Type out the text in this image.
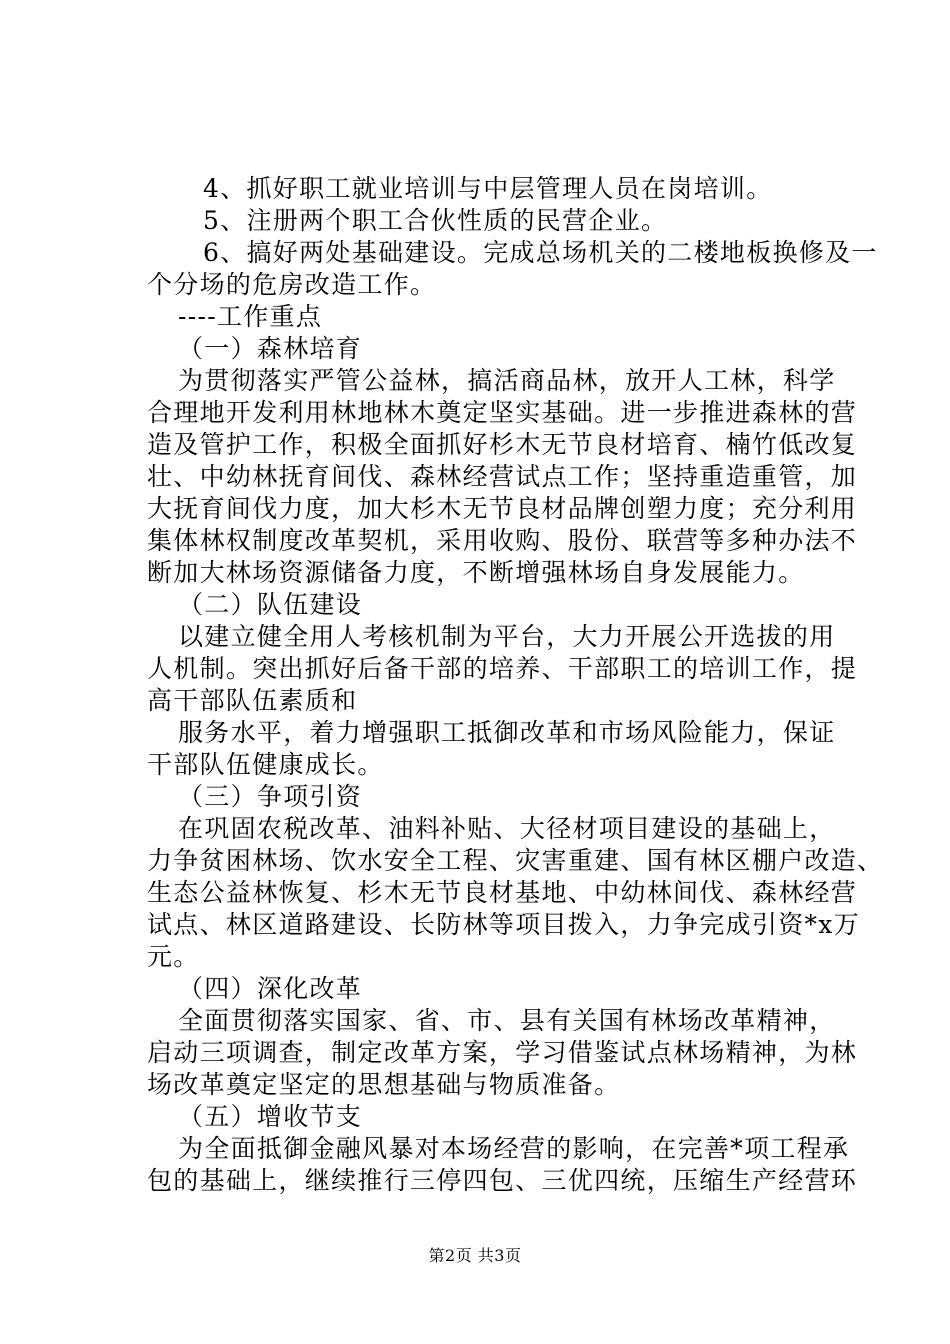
4、抓好职工就业培训与中层管理人员在岗培训。
5、注册两个职工合伙性质的民营企业。
6、搞好两处基础建设。完成总场机关的二楼地板换修及一
个分场的危房改造工作。
----工作重点
（一）森林培育
为贯彻落实严管公益林，搞活商品林，放开人工林，科学
合理地开发利用林地林木奠定坚实基础。进一步推进森林的营
造及管护工作，积极全面抓好杉木无节良材培育、楠竹低改复
壮、中幼林抚育间伐、森林经营试点工作；坚持重造重管，加
大抚育间伐力度，加大杉木无节良材品牌创塑力度；充分利用
集体林权制度改革契机，采用收购、股份、联营等多种办法不
断加大林场资源储备力度，不断增强林场自身发展能力。
（二）队伍建设
以建立健全用人考核机制为平台，大力开展公开选拔的用
人机制。突出抓好后备干部的培养、干部职工的培训工作，提
高干部队伍素质和
服务水平，着力增强职工抵御改革和市场风险能力，保证
干部队伍健康成长。
（三）争项引资
在巩固农税改革、油料补贴、大径材项目建设的基础上，
力争贫困林场、饮水安全工程、灾害重建、国有林区棚户改造、
生态公益林恢复、杉木无节良材基地、中幼林间伐、森林经营
试点、林区道路建设、长防林等项目拨入，力争完成引资*x万
元。
（四）深化改革
全面贯彻落实国家、省、市、县有关国有林场改革精神，
启动三项调查，制定改革方案，学习借鉴试点林场精神，为林
场改革奠定坚定的思想基础与物质准备。
（五）增收节支
为全面抵御金融风暴对本场经营的影响，在完善*项工程承
包的基础上，继续推行三停四包、三优四统，压缩生产经营环
第2页 共3页
